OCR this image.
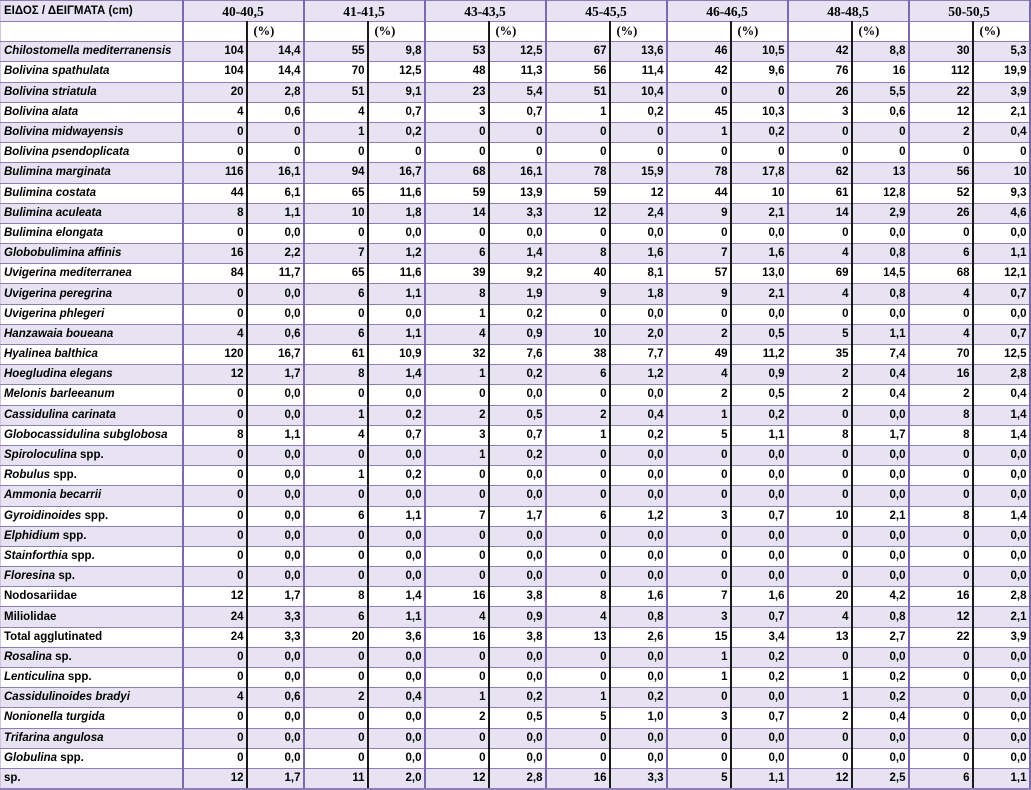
ΕΙΔΟΣ / ΔΕΙΓΜΑΤΑ (cm)	40-40,5		41-41,5		43-43,5		45-45,5		46-46,5		48-48,5		50-50,5	
		(%)		(%)		(%)		(%)		(%)		(%)		(%)
Chilostomella mediterranensis	104	14,4	55	9,8	53	12,5	67	13,6	46	10,5	42	8,8	30	5,3
Bolivina spathulata	104	14,4	70	12,5	48	11,3	56	11,4	42	9,6	76	16	112	19,9
Bolivina striatula	20	2,8	51	9,1	23	5,4	51	10,4	0	0	26	5,5	22	3,9
Bolivina alata	4	0,6	4	0,7	3	0,7	1	0,2	45	10,3	3	0,6	12	2,1
Bolivina midwayensis	0	0	1	0,2	0	0	0	0	1	0,2	0	0	2	0,4
Bolivina psendoplicata	0	0	0	0	0	0	0	0	0	0	0	0	0	0
Bulimina marginata	116	16,1	94	16,7	68	16,1	78	15,9	78	17,8	62	13	56	10
Bulimina costata	44	6,1	65	11,6	59	13,9	59	12	44	10	61	12,8	52	9,3
Bulimina aculeata	8	1,1	10	1,8	14	3,3	12	2,4	9	2,1	14	2,9	26	4,6
Bulimina elongata	0	0,0	0	0,0	0	0,0	0	0,0	0	0,0	0	0,0	0	0,0
Globobulimina affinis	16	2,2	7	1,2	6	1,4	8	1,6	7	1,6	4	0,8	6	1,1
Uvigerina mediterranea	84	11,7	65	11,6	39	9,2	40	8,1	57	13,0	69	14,5	68	12,1
Uvigerina peregrina	0	0,0	6	1,1	8	1,9	9	1,8	9	2,1	4	0,8	4	0,7
Uvigerina phlegeri	0	0,0	0	0,0	1	0,2	0	0,0	0	0,0	0	0,0	0	0,0
Hanzawaia boueana	4	0,6	6	1,1	4	0,9	10	2,0	2	0,5	5	1,1	4	0,7
Hyalinea balthica	120	16,7	61	10,9	32	7,6	38	7,7	49	11,2	35	7,4	70	12,5
Hoegludina elegans	12	1,7	8	1,4	1	0,2	6	1,2	4	0,9	2	0,4	16	2,8
Melonis barleeanum	0	0,0	0	0,0	0	0,0	0	0,0	2	0,5	2	0,4	2	0,4
Cassidulina carinata	0	0,0	1	0,2	2	0,5	2	0,4	1	0,2	0	0,0	8	1,4
Globocassidulina subglobosa	8	1,1	4	0,7	3	0,7	1	0,2	5	1,1	8	1,7	8	1,4
Spiroloculina spp.	0	0,0	0	0,0	1	0,2	0	0,0	0	0,0	0	0,0	0	0,0
Robulus spp.	0	0,0	1	0,2	0	0,0	0	0,0	0	0,0	0	0,0	0	0,0
Ammonia becarrii	0	0,0	0	0,0	0	0,0	0	0,0	0	0,0	0	0,0	0	0,0
Gyroidinoides spp.	0	0,0	6	1,1	7	1,7	6	1,2	3	0,7	10	2,1	8	1,4
Elphidium spp.	0	0,0	0	0,0	0	0,0	0	0,0	0	0,0	0	0,0	0	0,0
Stainforthia spp.	0	0,0	0	0,0	0	0,0	0	0,0	0	0,0	0	0,0	0	0,0
Floresina sp.	0	0,0	0	0,0	0	0,0	0	0,0	0	0,0	0	0,0	0	0,0
Nodosariidae	12	1,7	8	1,4	16	3,8	8	1,6	7	1,6	20	4,2	16	2,8
Miliolidae	24	3,3	6	1,1	4	0,9	4	0,8	3	0,7	4	0,8	12	2,1
Total agglutinated	24	3,3	20	3,6	16	3,8	13	2,6	15	3,4	13	2,7	22	3,9
Rosalina sp.	0	0,0	0	0,0	0	0,0	0	0,0	1	0,2	0	0,0	0	0,0
Lenticulina spp.	0	0,0	0	0,0	0	0,0	0	0,0	1	0,2	1	0,2	0	0,0
Cassidulinoides bradyi	4	0,6	2	0,4	1	0,2	1	0,2	0	0,0	1	0,2	0	0,0
Nonionella turgida	0	0,0	0	0,0	2	0,5	5	1,0	3	0,7	2	0,4	0	0,0
Trifarina angulosa	0	0,0	0	0,0	0	0,0	0	0,0	0	0,0	0	0,0	0	0,0
Globulina spp.	0	0,0	0	0,0	0	0,0	0	0,0	0	0,0	0	0,0	0	0,0
sp.	12	1,7	11	2,0	12	2,8	16	3,3	5	1,1	12	2,5	6	1,1
